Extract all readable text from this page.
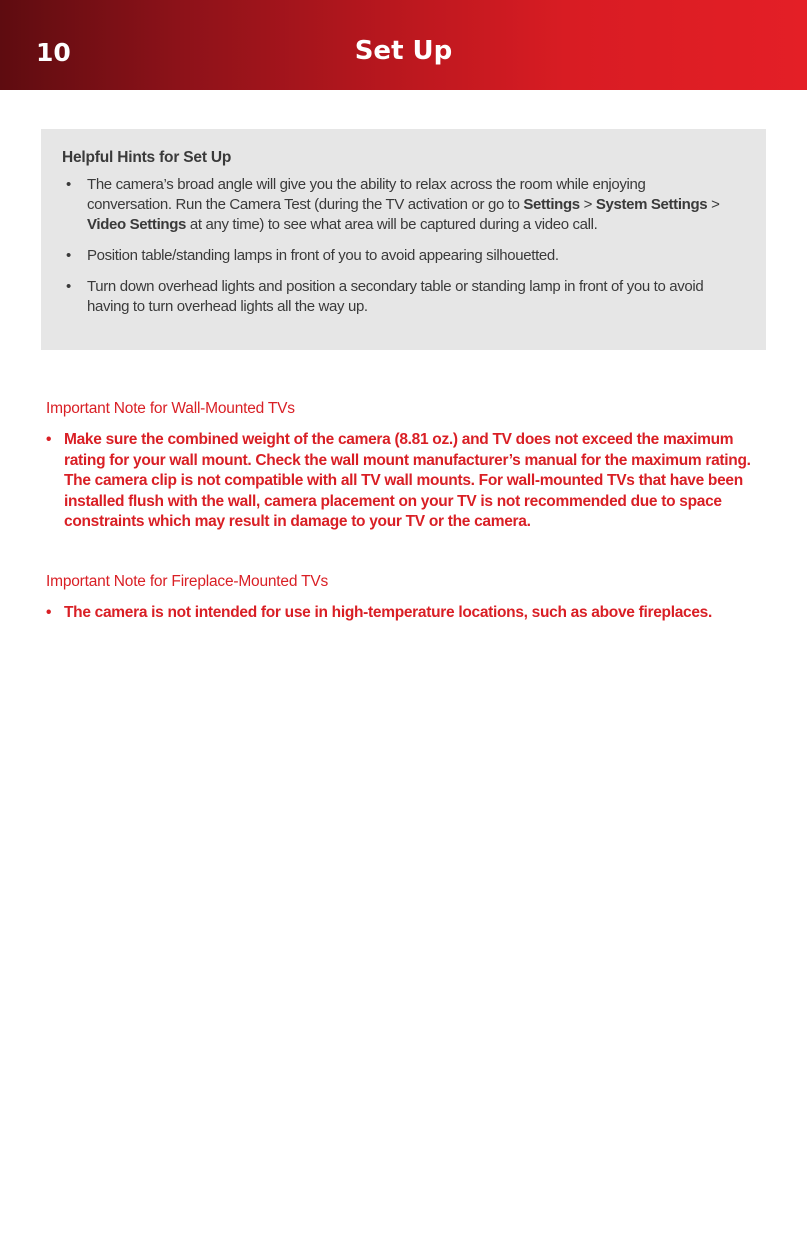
10	Set Up
Helpful Hints for Set Up
• The camera’s broad angle will give you the ability to relax across the room while enjoying conversation. Run the Camera Test (during the TV activation or go to Settings > System Settings > Video Settings at any time) to see what area will be captured during a video call.
• Position table/standing lamps in front of you to avoid appearing silhouetted.
• Turn down overhead lights and position a secondary table or standing lamp in front of you to avoid having to turn overhead lights all the way up.
Important Note for Wall-Mounted TVs
• Make sure the combined weight of the camera (8.81 oz.) and TV does not exceed the maximum rating for your wall mount. Check the wall mount manufacturer’s manual for the maximum rating. The camera clip is not compatible with all TV wall mounts. For wall-mounted TVs that have been installed flush with the wall, camera placement on your TV is not recommended due to space constraints which may result in damage to your TV or the camera.
Important Note for Fireplace-Mounted TVs
• The camera is not intended for use in high-temperature locations, such as above fireplaces.
